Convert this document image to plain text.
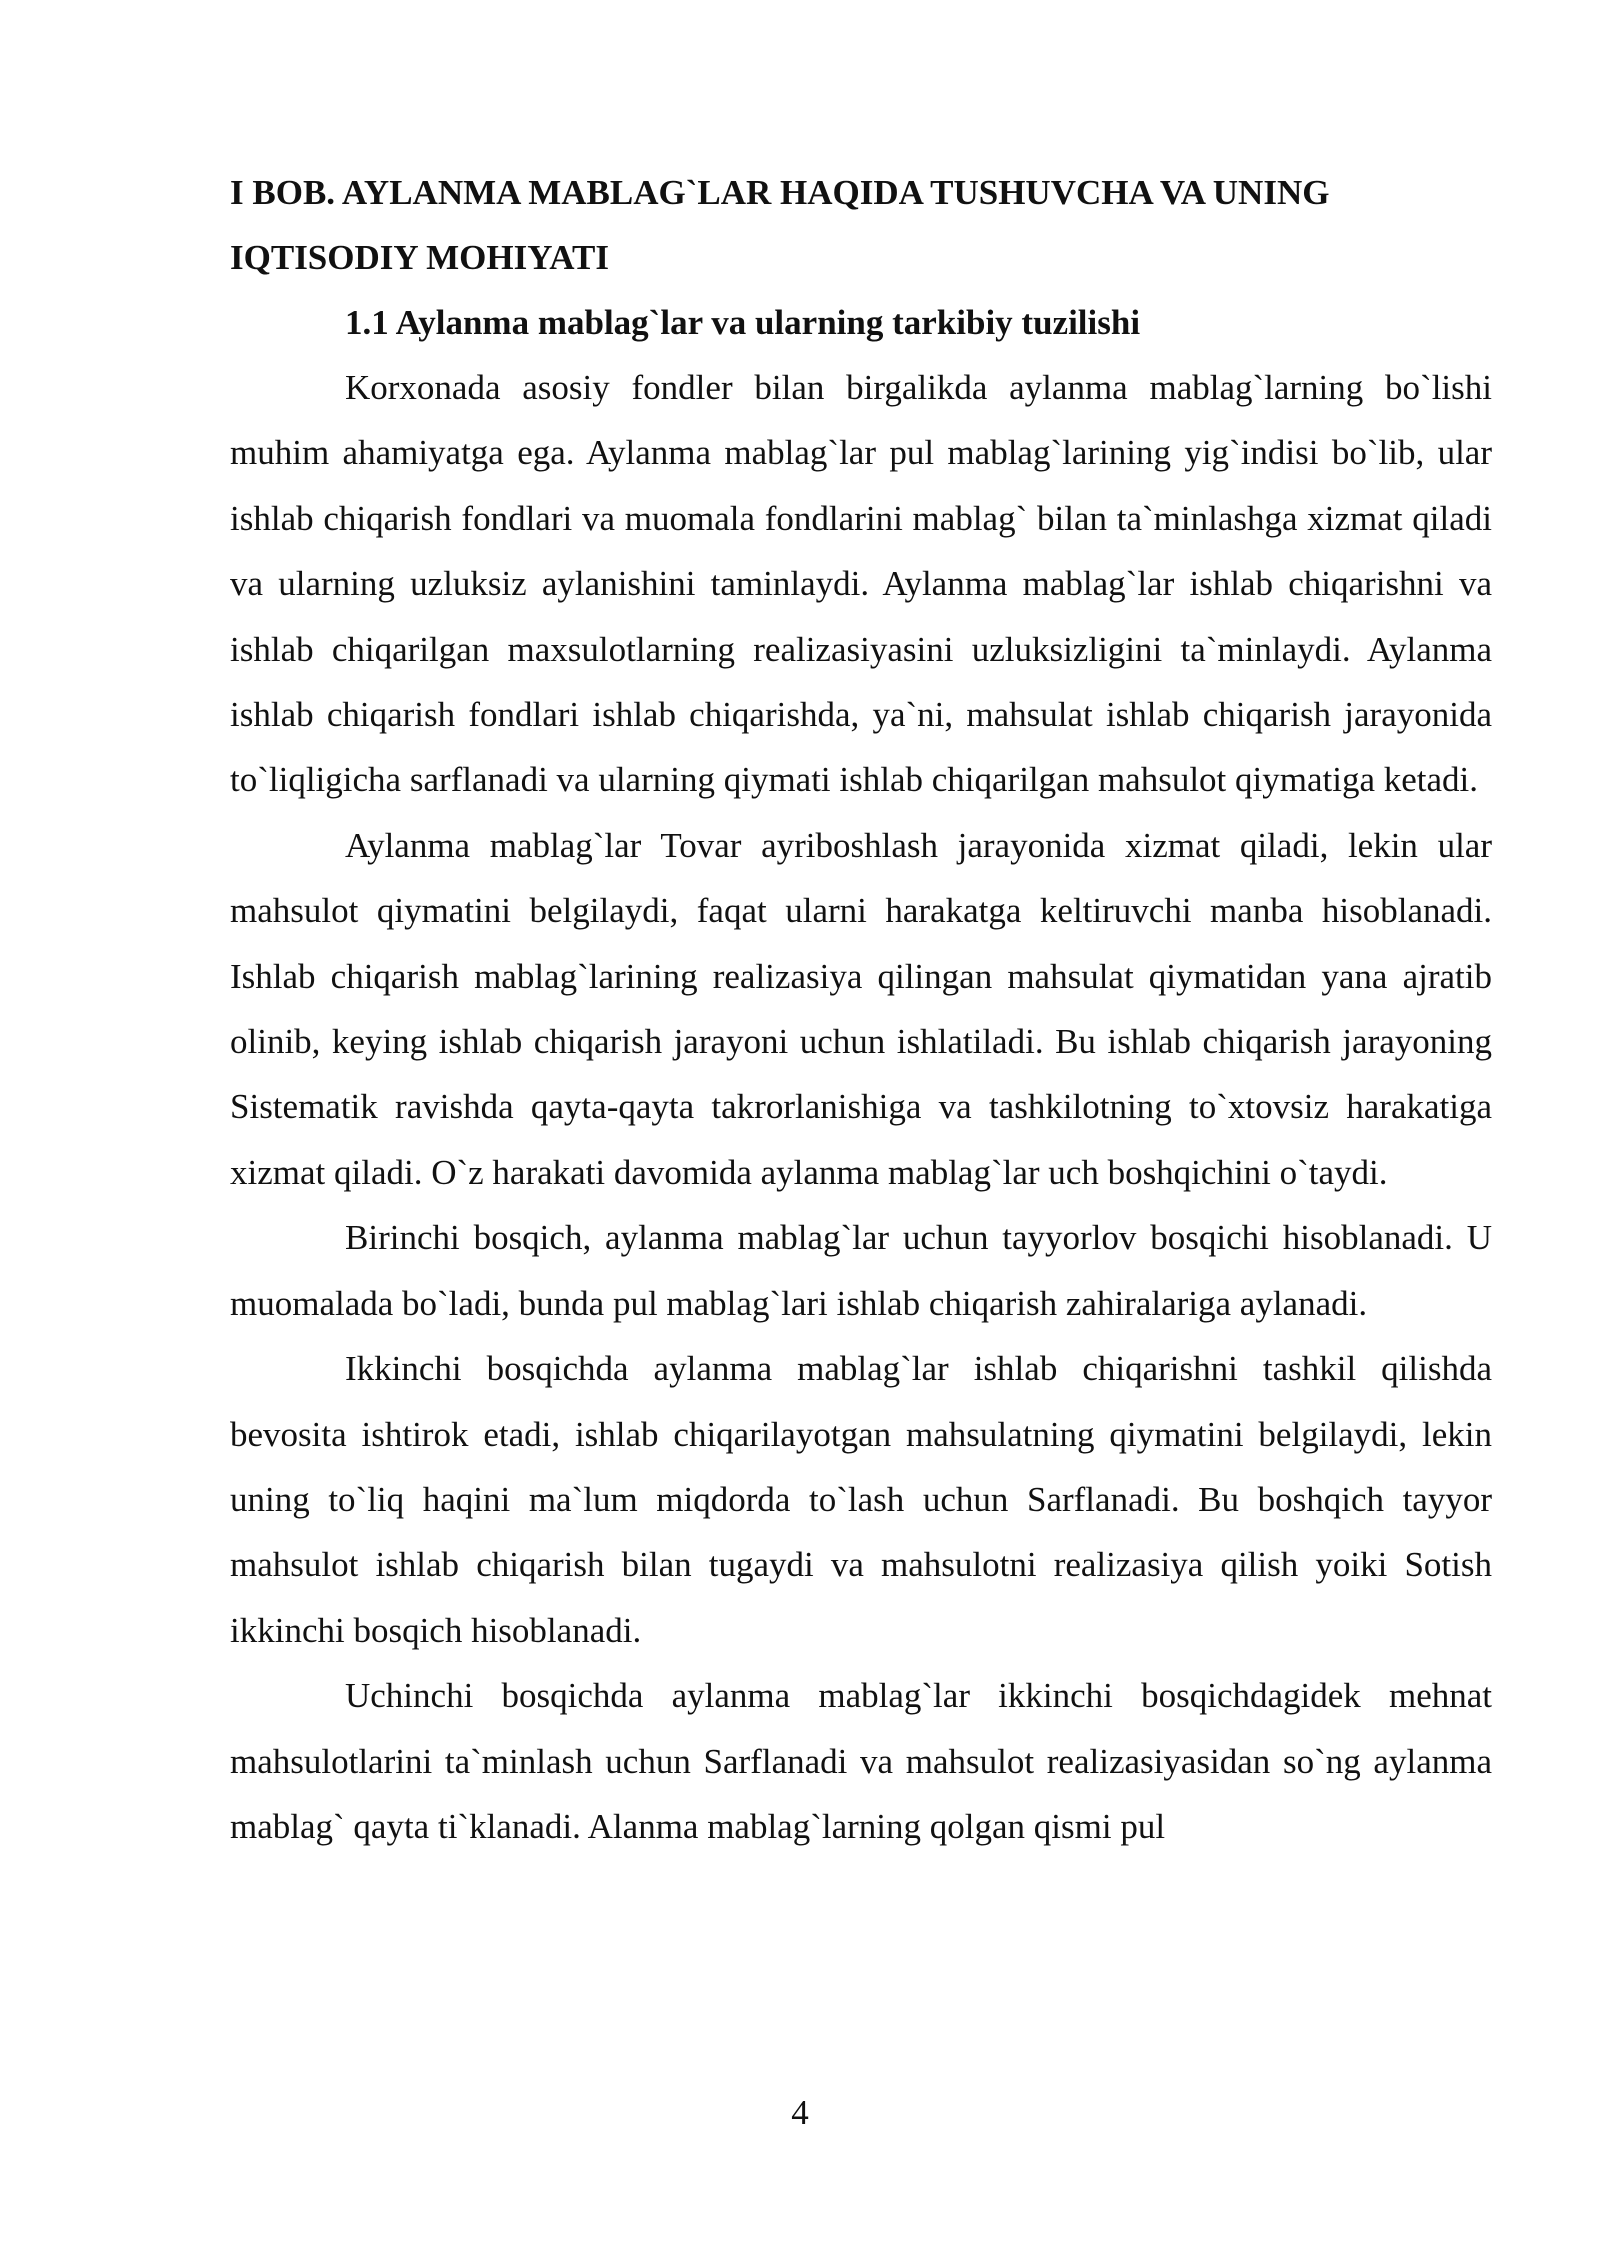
I BOB. AYLANMA MABLAG`LAR HAQIDA TUSHUVCHA VA UNING IQTISODIY MOHIYATI
1.1 Aylanma mablag`lar va ularning tarkibiy tuzilishi

Korxonada asosiy fondler bilan birgalikda aylanma mablag`larning bo`lishi muhim ahamiyatga ega. Aylanma mablag`lar pul mablag`larining yig`indisi bo`lib, ular ishlab chiqarish fondlari va muomala fondlarini mablag` bilan ta`minlashga xizmat qiladi va ularning uzluksiz aylanishini taminlaydi. Aylanma mablag`lar ishlab chiqarishni va ishlab chiqarilgan maxsulotlarning realizasiyasini uzluksizligini ta`minlaydi. Aylanma ishlab chiqarish fondlari ishlab chiqarishda, ya`ni, mahsulat ishlab chiqarish jarayonida to`liqligicha sarflanadi va ularning qiymati ishlab chiqarilgan mahsulot qiymatiga ketadi.

Aylanma mablag`lar Tovar ayriboshlash jarayonida xizmat qiladi, lekin ular mahsulot qiymatini belgilaydi, faqat ularni harakatga keltiruvchi manba hisoblanadi. Ishlab chiqarish mablag`larining realizasiya qilingan mahsulat qiymatidan yana ajratib olinib, keying ishlab chiqarish jarayoni uchun ishlatiladi. Bu ishlab chiqarish jarayoning Sistematik ravishda qayta-qayta takrorlanishiga va tashkilotning to`xtovsiz harakatiga xizmat qiladi. O`z harakati davomida aylanma mablag`lar uch boshqichini o`taydi.

Birinchi bosqich, aylanma mablag`lar uchun tayyorlov bosqichi hisoblanadi. U muomalada bo`ladi, bunda pul mablag`lari ishlab chiqarish zahiralariga aylanadi.

Ikkinchi bosqichda aylanma mablag`lar ishlab chiqarishni tashkil qilishda bevosita ishtirok etadi, ishlab chiqarilayotgan mahsulatning qiymatini belgilaydi, lekin uning to`liq haqini ma`lum miqdorda to`lash uchun Sarflanadi. Bu boshqich tayyor mahsulot ishlab chiqarish bilan tugaydi va mahsulotni realizasiya qilish yoiki Sotish ikkinchi bosqich hisoblanadi.

Uchinchi bosqichda aylanma mablag`lar ikkinchi bosqichdagidek mehnat mahsulotlarini ta`minlash uchun Sarflanadi va mahsulot realizasiyasidan so`ng aylanma mablag` qayta ti`klanadi. Alanma mablag`larning qolgan qismi pul

4
